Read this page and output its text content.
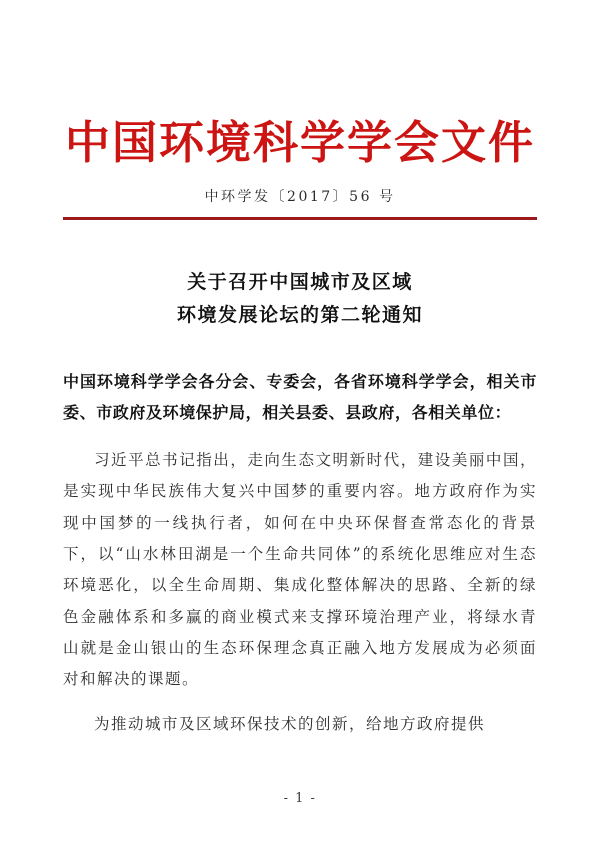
中国环境科学学会文件
中环学发〔2017〕56 号
关于召开中国城市及区域
环境发展论坛的第二轮通知

中国环境科学学会各分会、专委会，各省环境科学学会，相关市委、市政府及环境保护局，相关县委、县政府，各相关单位：

习近平总书记指出，走向生态文明新时代，建设美丽中国，是实现中华民族伟大复兴中国梦的重要内容。地方政府作为实现中国梦的一线执行者，如何在中央环保督查常态化的背景下，以“山水林田湖是一个生命共同体”的系统化思维应对生态环境恶化，以全生命周期、集成化整体解决的思路、全新的绿色金融体系和多赢的商业模式来支撑环境治理产业，将绿水青山就是金山银山的生态环保理念真正融入地方发展成为必须面对和解决的课题。

为推动城市及区域环保技术的创新，给地方政府提供

- 1 -
